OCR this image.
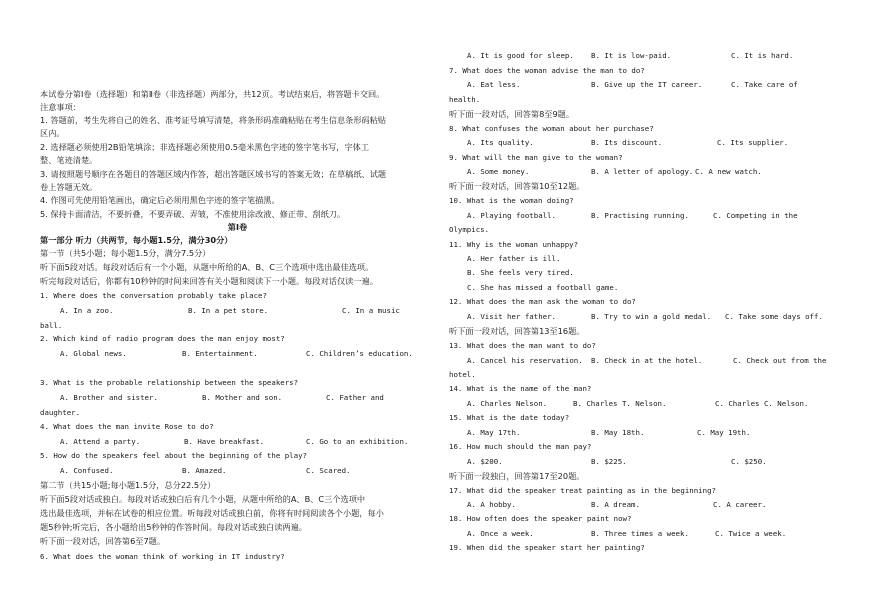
本试卷分第Ⅰ卷（选择题）和第Ⅱ卷（非选择题）两部分，共12页。考试结束后，将答题卡交回。
注意事项：
1. 答题前，考生先将自己的姓名、准考证号填写清楚，将条形码准确粘贴在考生信息条形码粘贴
区内。
2. 选择题必须使用2B铅笔填涂；非选择题必须使用0.5毫米黑色字迹的签字笔书写，字体工
整、笔迹清楚。
3. 请按照题号顺序在各题目的答题区域内作答，超出答题区域书写的答案无效；在草稿纸、试题
卷上答题无效。
4. 作图可先使用铅笔画出，确定后必须用黑色字迹的签字笔描黑。
5. 保持卡面清洁，不要折叠，不要弄破、弄皱，不准使用涂改液、修正带、刮纸刀。
第Ⅰ卷
第一部分 听力（共两节，每小题1.5分，满分30分）
第一节（共5小题；每小题1.5分，满分7.5分）
听下面5段对话。每段对话后有一个小题，从题中所给的A、B、C三个选项中选出最佳选项。
听完每段对话后，你都有10秒钟的时间来回答有关小题和阅读下一小题。每段对话仅读一遍。
1. Where does the conversation probably take place?
A. In a zoo.	B. In a pet store.	C. In a music
ball.
2. Which kind of radio program does the man enjoy most?
A. Global news.	B. Entertainment.	C. Children’s education.
3. What is the probable relationship between the speakers?
A. Brother and sister.	B. Mother and son.	C. Father and
daughter.
4. What does the man invite Rose to do?
A. Attend a party.	B. Have breakfast.	C. Go to an exhibition.
5. How do the speakers feel about the beginning of the play?
A. Confused.	B. Amazed.	C. Scared.
第二节（共15小题;每小题1.5分，总分22.5分）
听下面5段对话或独白。每段对话或独白后有几个小题，从题中所给的A、B、C三个选项中
选出最佳选项，并标在试卷的相应位置。听每段对话或独白前，你将有时间阅读各个小题，每小
题5秒钟;听完后，各小题给出5秒钟的作答时间。每段对话或独白读两遍。
听下面一段对话，回答第6至7题。
6. What does the woman think of working in IT industry?
A. It is good for sleep. B. It is low-paid.	C. It is hard.
7. What does the woman advise the man to do?
A. Eat less.	B. Give up the IT career.	C. Take care of
health.
听下面一段对话，回答第8至9题。
8. What confuses the woman about her purchase?
A. Its quality.	B. Its discount.	C. Its supplier.
9. What will the man give to the woman?
A. Some money.	B. A letter of apology. C. A new watch.
听下面一段对话，回答第10至12题。
10. What is the woman doing?
A. Playing football.	B. Practising running.	C. Competing in the
Olympics.
11. Why is the woman unhappy?
A. Her father is ill.
B. She feels very tired.
C. She has missed a football game.
12. What does the man ask the woman to do?
A. Visit her father.	B. Try to win a gold medal. C. Take some days off.
听下面一段对话，回答第13至16题。
13. What does the man want to do?
A. Cancel his reservation. B. Check in at the hotel.	C. Check out from the
hotel.
14. What is the name of the man?
A. Charles Nelson.	B. Charles T. Nelson.	C. Charles C. Nelson.
15. What is the date today?
A. May 17th.	B. May 18th.	C. May 19th.
16. How much should the man pay?
A. $200.	B. $225.	C. $250.
听下面一段独白，回答第17至20题。
17. What did the speaker treat painting as in the beginning?
A. A hobby.	B. A dream.	C. A career.
18. How often does the speaker paint now?
A. Once a week.	B. Three times a week.	C. Twice a week.
19. When did the speaker start her painting?
